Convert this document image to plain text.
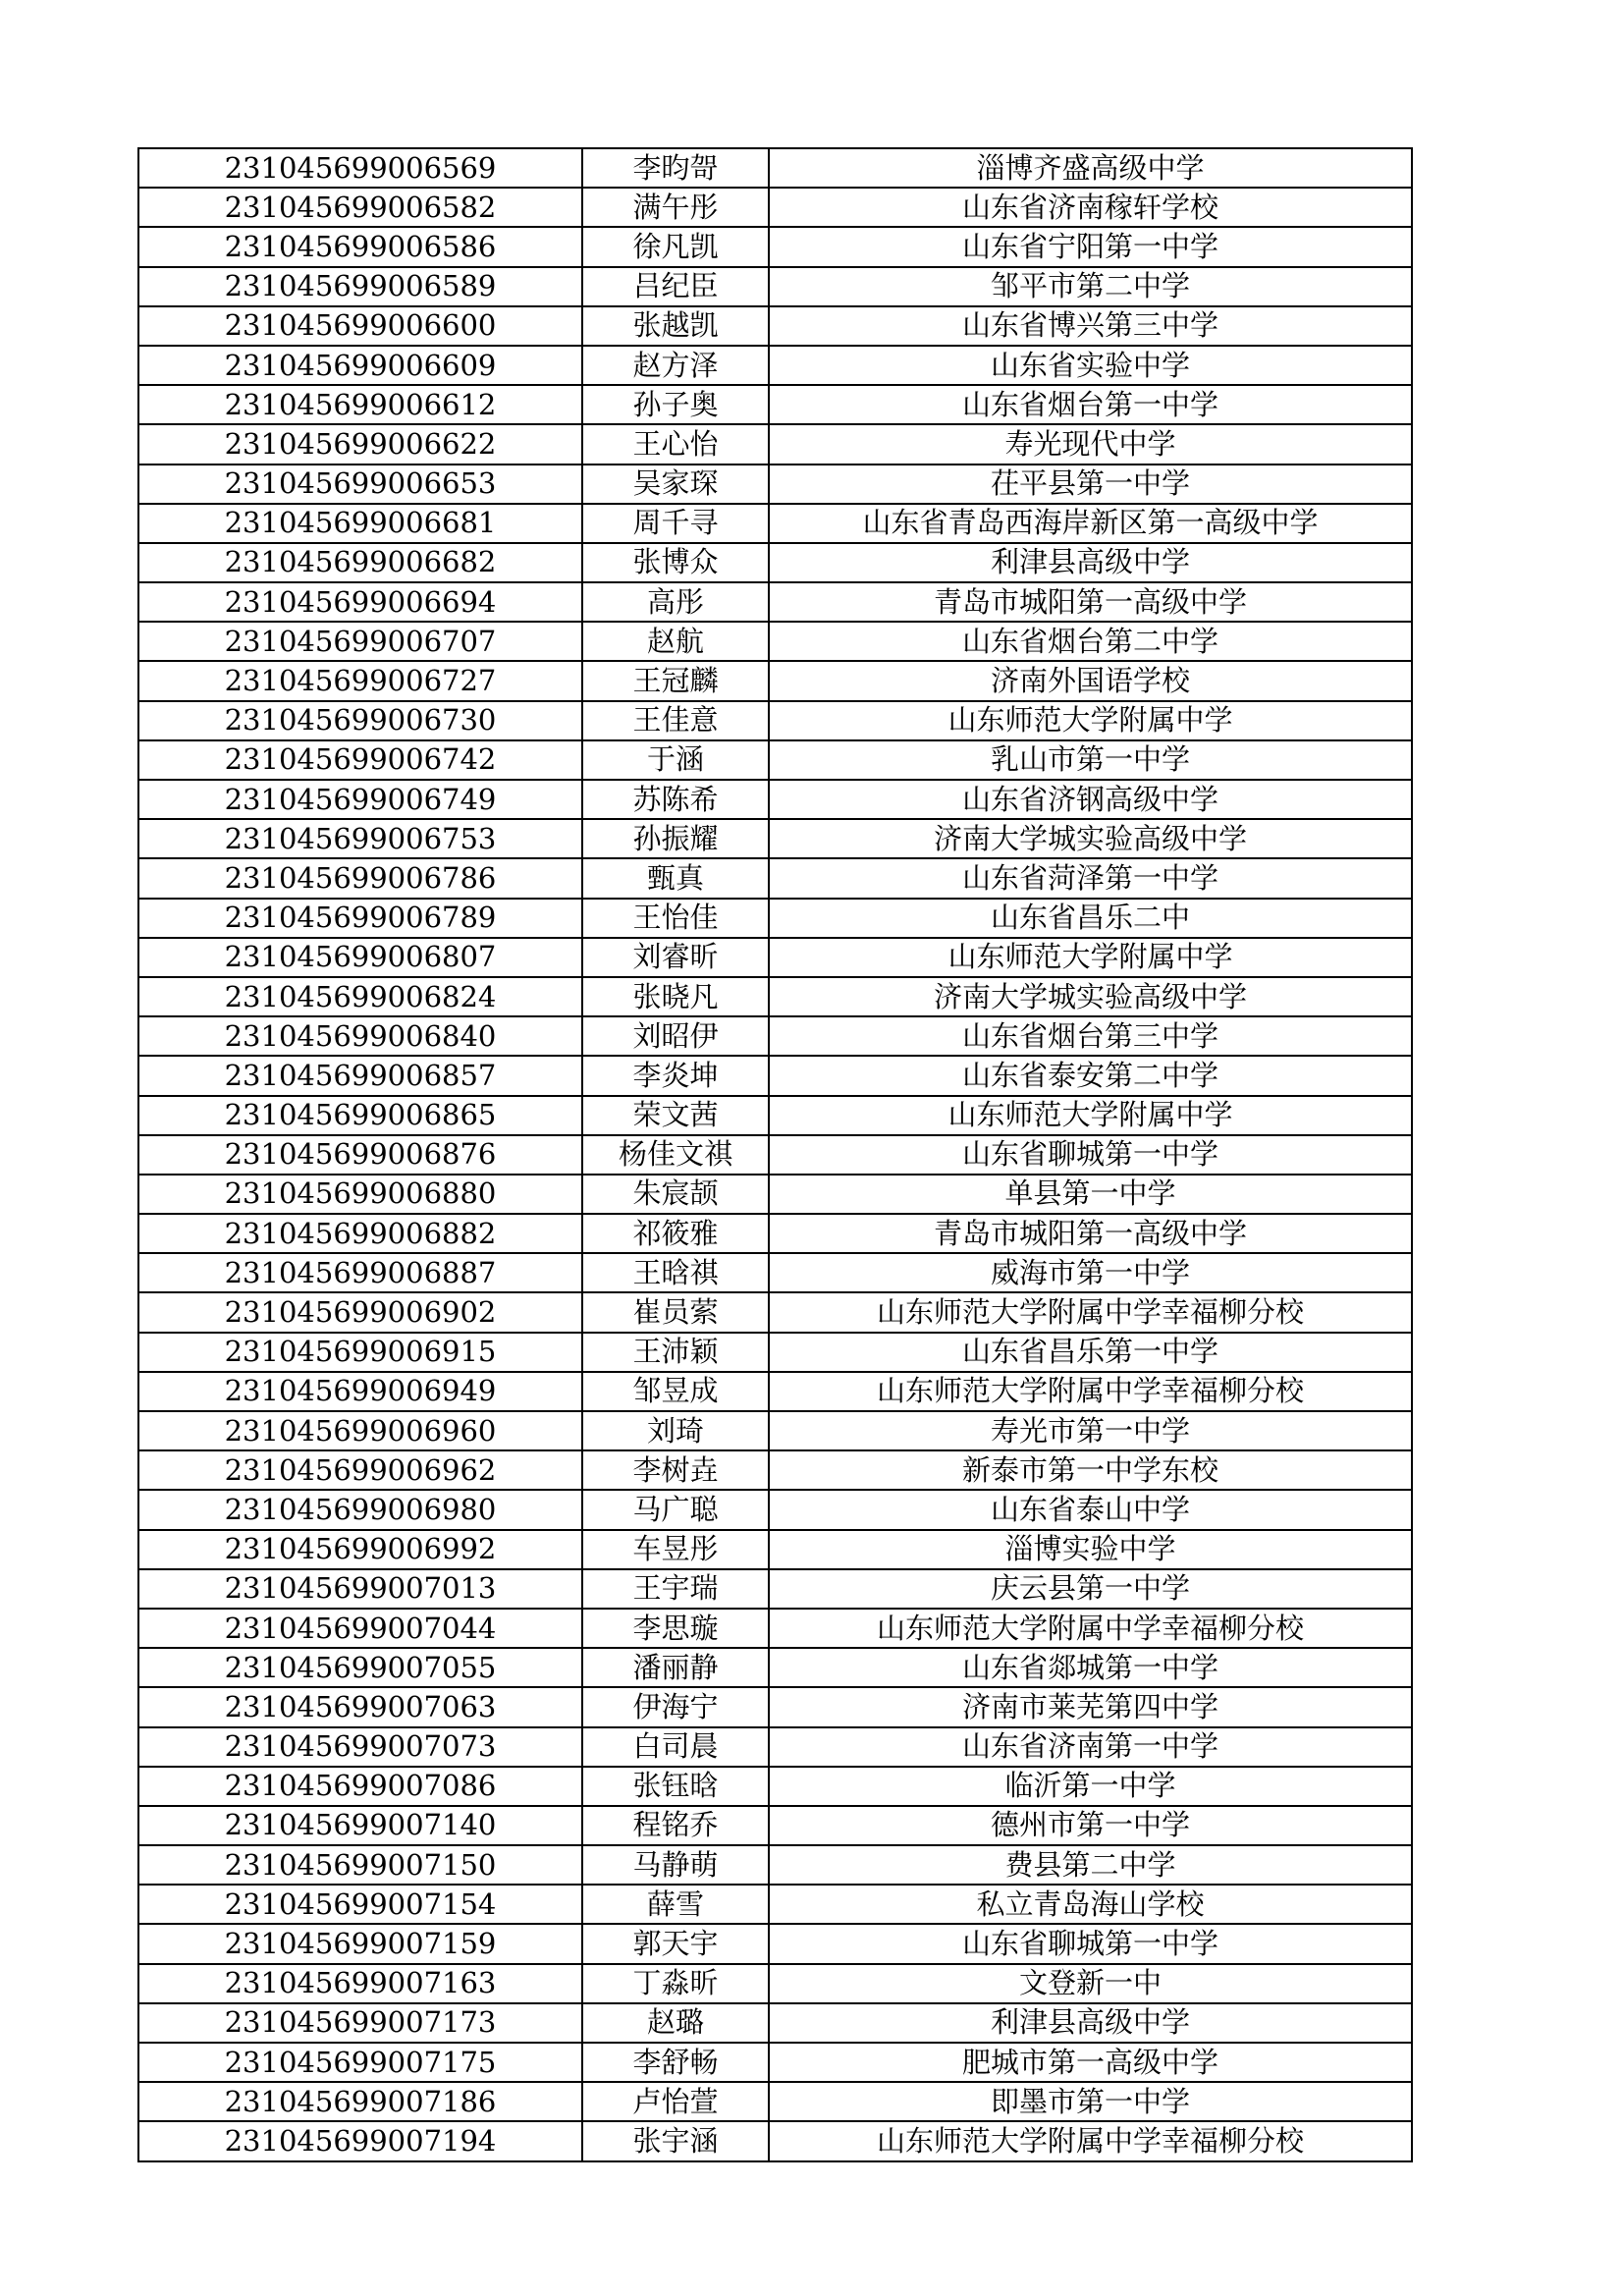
231045699006569	李昀哿	淄博齐盛高级中学
231045699006582	满午彤	山东省济南稼轩学校
231045699006586	徐凡凯	山东省宁阳第一中学
231045699006589	吕纪臣	邹平市第二中学
231045699006600	张越凯	山东省博兴第三中学
231045699006609	赵方泽	山东省实验中学
231045699006612	孙子奥	山东省烟台第一中学
231045699006622	王心怡	寿光现代中学
231045699006653	吴家琛	茌平县第一中学
231045699006681	周千寻	山东省青岛西海岸新区第一高级中学
231045699006682	张博众	利津县高级中学
231045699006694	高彤	青岛市城阳第一高级中学
231045699006707	赵航	山东省烟台第二中学
231045699006727	王冠麟	济南外国语学校
231045699006730	王佳意	山东师范大学附属中学
231045699006742	于涵	乳山市第一中学
231045699006749	苏陈希	山东省济钢高级中学
231045699006753	孙振耀	济南大学城实验高级中学
231045699006786	甄真	山东省菏泽第一中学
231045699006789	王怡佳	山东省昌乐二中
231045699006807	刘睿昕	山东师范大学附属中学
231045699006824	张晓凡	济南大学城实验高级中学
231045699006840	刘昭伊	山东省烟台第三中学
231045699006857	李炎坤	山东省泰安第二中学
231045699006865	荣文茜	山东师范大学附属中学
231045699006876	杨佳文祺	山东省聊城第一中学
231045699006880	朱宸颉	单县第一中学
231045699006882	祁筱雅	青岛市城阳第一高级中学
231045699006887	王晗祺	威海市第一中学
231045699006902	崔员萦	山东师范大学附属中学幸福柳分校
231045699006915	王沛颖	山东省昌乐第一中学
231045699006949	邹昱成	山东师范大学附属中学幸福柳分校
231045699006960	刘琦	寿光市第一中学
231045699006962	李树垚	新泰市第一中学东校
231045699006980	马广聪	山东省泰山中学
231045699006992	车昱彤	淄博实验中学
231045699007013	王宇瑞	庆云县第一中学
231045699007044	李思璇	山东师范大学附属中学幸福柳分校
231045699007055	潘丽静	山东省郯城第一中学
231045699007063	伊海宁	济南市莱芜第四中学
231045699007073	白司晨	山东省济南第一中学
231045699007086	张钰晗	临沂第一中学
231045699007140	程铭乔	德州市第一中学
231045699007150	马静萌	费县第二中学
231045699007154	薛雪	私立青岛海山学校
231045699007159	郭天宇	山东省聊城第一中学
231045699007163	丁淼昕	文登新一中
231045699007173	赵璐	利津县高级中学
231045699007175	李舒畅	肥城市第一高级中学
231045699007186	卢怡萱	即墨市第一中学
231045699007194	张宇涵	山东师范大学附属中学幸福柳分校
